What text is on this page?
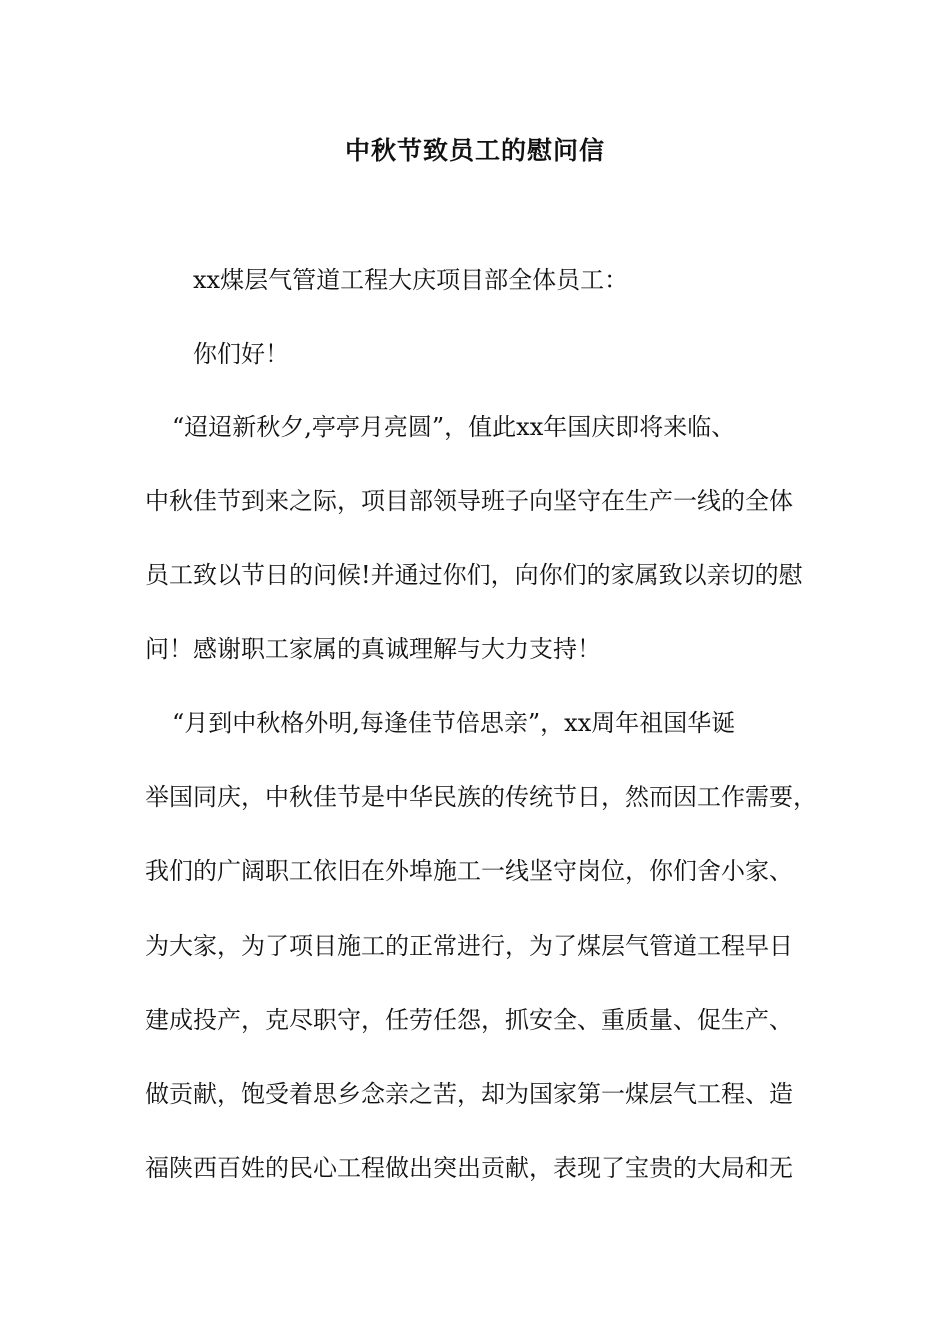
中秋节致员工的慰问信

xx煤层气管道工程大庆项目部全体员工：

你们好！

“迢迢新秋夕,亭亭月亮圆”，值此xx年国庆即将来临、

中秋佳节到来之际，项目部领导班子向坚守在生产一线的全体

员工致以节日的问候!并通过你们，向你们的家属致以亲切的慰

问！感谢职工家属的真诚理解与大力支持！

“月到中秋格外明,每逢佳节倍思亲”，xx周年祖国华诞

举国同庆，中秋佳节是中华民族的传统节日，然而因工作需要，

我们的广阔职工依旧在外埠施工一线坚守岗位，你们舍小家、

为大家，为了项目施工的正常进行，为了煤层气管道工程早日

建成投产，克尽职守，任劳任怨，抓安全、重质量、促生产、

做贡献，饱受着思乡念亲之苦，却为国家第一煤层气工程、造

福陕西百姓的民心工程做出突出贡献，表现了宝贵的大局和无
